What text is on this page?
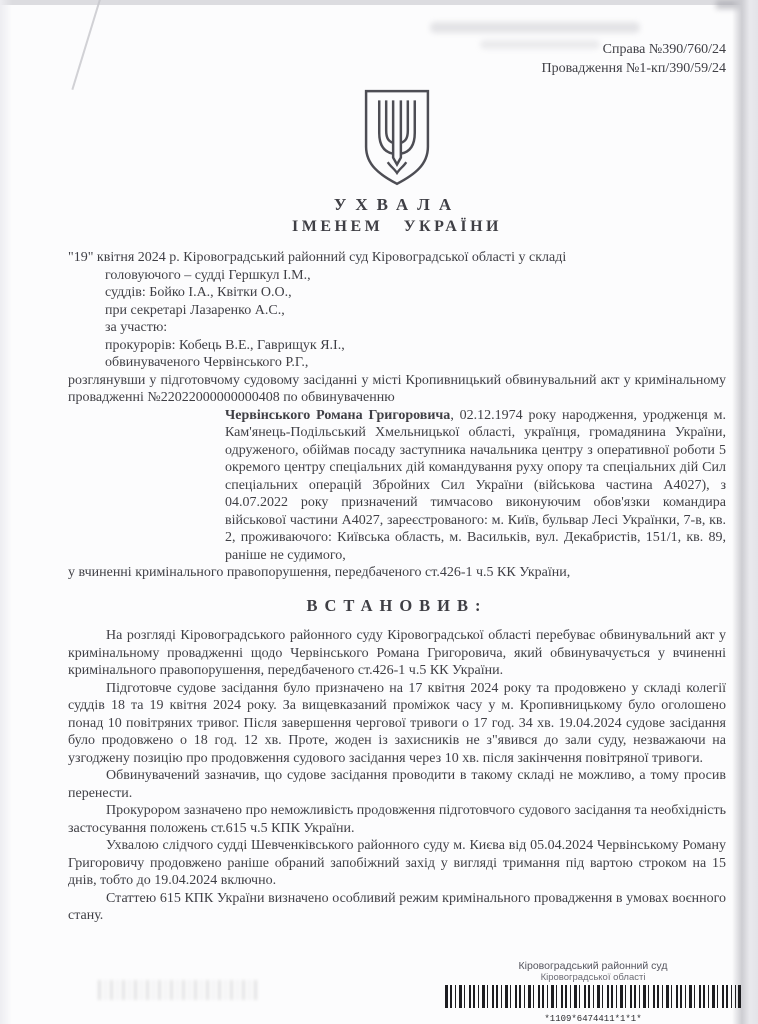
Справа №390/760/24
Провадження №1-кп/390/59/24
УХВАЛА
ІМЕНЕМ УКРАЇНИ
"19" квітня 2024 р. Кіровоградський районний суд Кіровоградської області у складі
головуючого – судді Гершкул І.М.,
суддів: Бойко І.А., Квітки О.О.,
при секретарі Лазаренко А.С.,
за участю:
прокурорів: Кобець В.Е., Гаврищук Я.І.,
обвинуваченого Червінського Р.Г.,
розглянувши у підготовчому судовому засіданні у місті Кропивницький обвинувальний акт у кримінальному провадженні №22022000000000408 по обвинуваченню
Червінського Романа Григоровича, 02.12.1974 року народження, уродженця м. Кам'янець-Подільський Хмельницької області, українця, громадянина України, одруженого, обіймав посаду заступника начальника центру з оперативної роботи 5 окремого центру спеціальних дій командування руху опору та спеціальних дій Сил спеціальних операцій Збройних Сил України (військова частина А4027), з 04.07.2022 року призначений тимчасово виконуючим обов'язки командира військової частини А4027, зареєстрованого: м. Київ, бульвар Лесі Українки, 7-в, кв. 2, проживаючого: Київська область, м. Васильків, вул. Декабристів, 151/1, кв. 89, раніше не судимого,
у вчиненні кримінального правопорушення, передбаченого ст.426-1 ч.5 КК України,
ВСТАНОВИВ:

На розгляді Кіровоградського районного суду Кіровоградської області перебуває обвинувальний акт у кримінальному провадженні щодо Червінського Романа Григоровича, який обвинувачується у вчиненні кримінального правопорушення, передбаченого ст.426-1 ч.5 КК України.

Підготовче судове засідання було призначено на 17 квітня 2024 року та продовжено у складі колегії суддів 18 та 19 квітня 2024 року. За вищевказаний проміжок часу у м. Кропивницькому було оголошено понад 10 повітряних тривог. Після завершення чергової тривоги о 17 год. 34 хв. 19.04.2024 судове засідання було продовжено о 18 год. 12 хв. Проте, жоден із захисників не з"явився до зали суду, незважаючи на узгоджену позицію про продовження судового засідання через 10 хв. після закінчення повітряної тривоги.

Обвинувачений зазначив, що судове засідання проводити в такому складі не можливо, а тому просив перенести.

Прокурором зазначено про неможливість продовження підготовчого судового засідання та необхідність застосування положень ст.615 ч.5 КПК України.

Ухвалою слідчого судді Шевченківського районного суду м. Києва від 05.04.2024 Червінському Роману Григоровичу продовжено раніше обраний запобіжний захід у вигляді тримання під вартою строком на 15 днів, тобто до 19.04.2024 включно.

Статтею 615 КПК України визначено особливий режим кримінального провадження в умовах воєнного стану.

Кіровоградський районний суд
Кіровоградської області
*1109*6474411*1*1*
